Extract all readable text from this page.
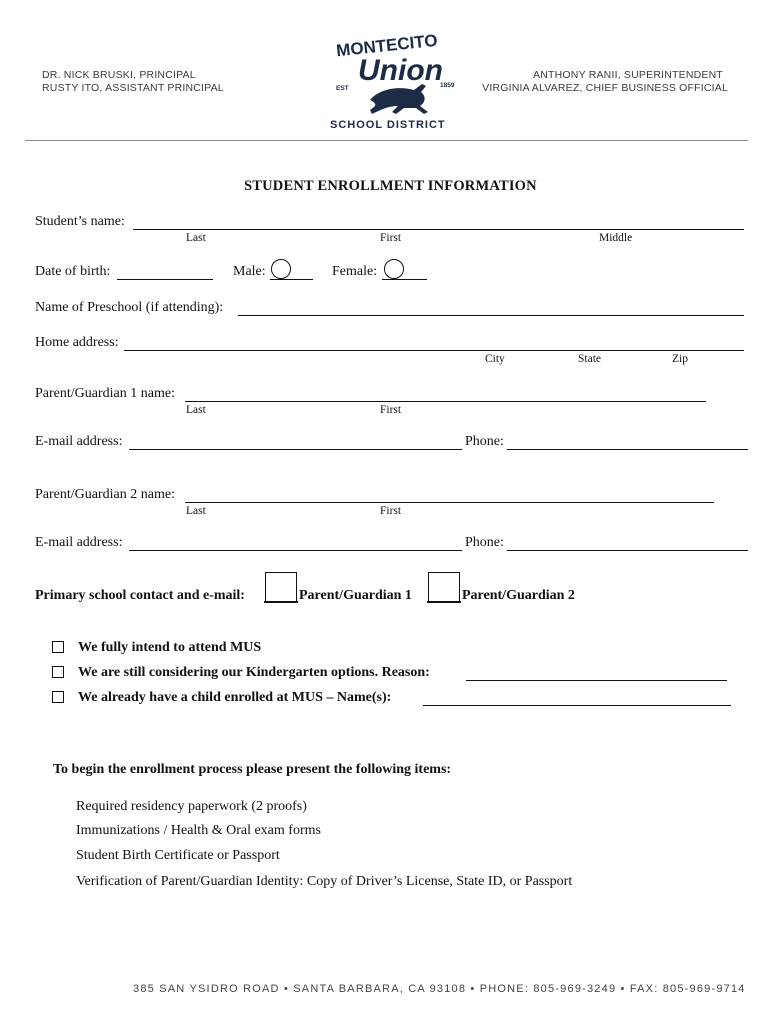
DR. NICK BRUSKI, PRINCIPAL
RUSTY ITO, ASSISTANT PRINCIPAL
ANTHONY RANII, SUPERINTENDENT
VIRGINIA ALVAREZ, CHIEF BUSINESS OFFICIAL
MONTECITO
Union
EST	1859
SCHOOL DISTRICT
STUDENT ENROLLMENT INFORMATION
Student’s name:
Last	First	Middle
Date of birth:	Male:	Female:
Name of Preschool (if attending):
Home address:
City	State	Zip
Parent/Guardian 1 name:
Last	First
E-mail address:	Phone:
Parent/Guardian 2 name:
Last	First
E-mail address:	Phone:
Primary school contact and e-mail:	Parent/Guardian 1	Parent/Guardian 2
We fully intend to attend MUS
We are still considering our Kindergarten options. Reason:
We already have a child enrolled at MUS – Name(s):
To begin the enrollment process please present the following items:
Required residency paperwork (2 proofs)
Immunizations / Health & Oral exam forms
Student Birth Certificate or Passport
Verification of Parent/Guardian Identity: Copy of Driver’s License, State ID, or Passport
385 SAN YSIDRO ROAD • SANTA BARBARA, CA 93108 • PHONE: 805-969-3249 • FAX: 805-969-9714
